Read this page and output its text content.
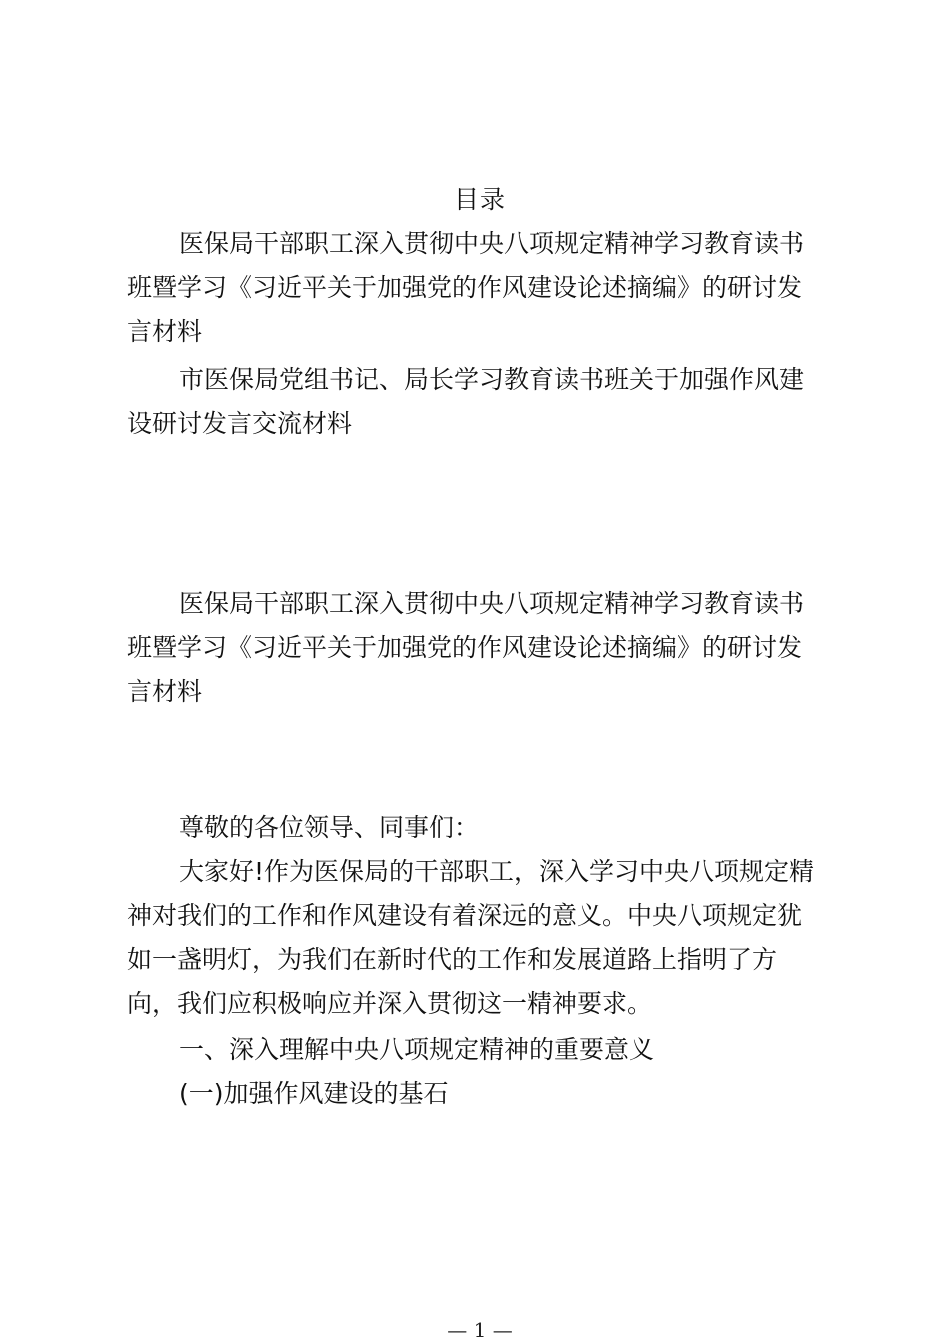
目录
医保局干部职工深入贯彻中央八项规定精神学习教育读书
班暨学习《习近平关于加强党的作风建设论述摘编》的研讨发
言材料
市医保局党组书记、局长学习教育读书班关于加强作风建
设研讨发言交流材料
医保局干部职工深入贯彻中央八项规定精神学习教育读书
班暨学习《习近平关于加强党的作风建设论述摘编》的研讨发
言材料
尊敬的各位领导、同事们：
大家好!作为医保局的干部职工，深入学习中央八项规定精
神对我们的工作和作风建设有着深远的意义。中央八项规定犹
如一盏明灯，为我们在新时代的工作和发展道路上指明了方
向，我们应积极响应并深入贯彻这一精神要求。
一、深入理解中央八项规定精神的重要意义
(一)加强作风建设的基石
— 1 —
